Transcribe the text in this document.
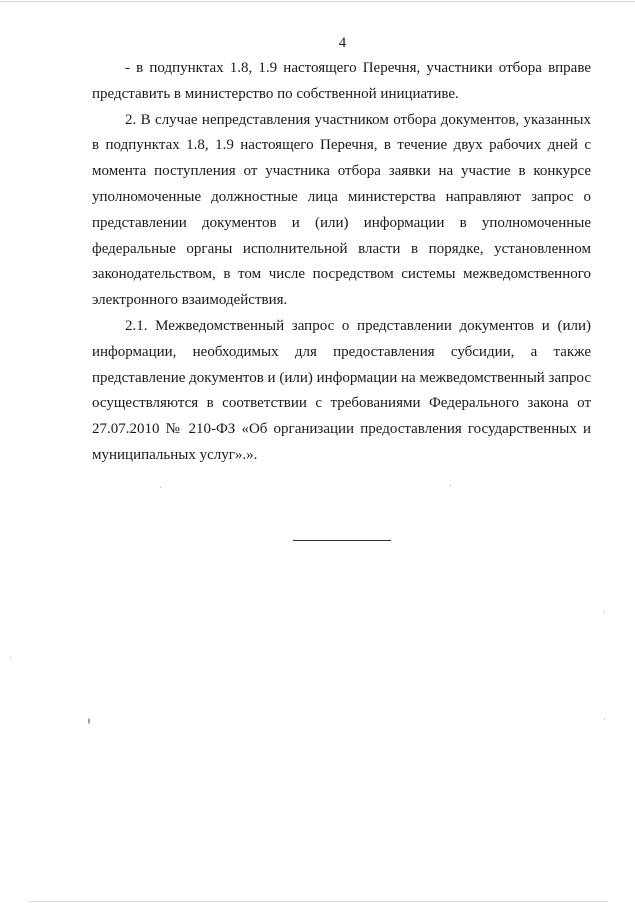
4
- в подпунктах 1.8, 1.9 настоящего Перечня, участники отбора вправе
представить в министерство по собственной инициативе.
2. В случае непредставления участником отбора документов, указанных
в подпунктах 1.8, 1.9 настоящего Перечня, в течение двух рабочих дней с
момента поступления от участника отбора заявки на участие в конкурсе
уполномоченные должностные лица министерства направляют запрос о
представлении документов и (или) информации в уполномоченные
федеральные органы исполнительной власти в порядке, установленном
законодательством, в том числе посредством системы межведомственного
электронного взаимодействия.
2.1. Межведомственный запрос о представлении документов и (или)
информации, необходимых для предоставления субсидии, а также
представление документов и (или) информации на межведомственный запрос
осуществляются в соответствии с требованиями Федерального закона от
27.07.2010 № 210-ФЗ «Об организации предоставления государственных и
муниципальных услуг».».
